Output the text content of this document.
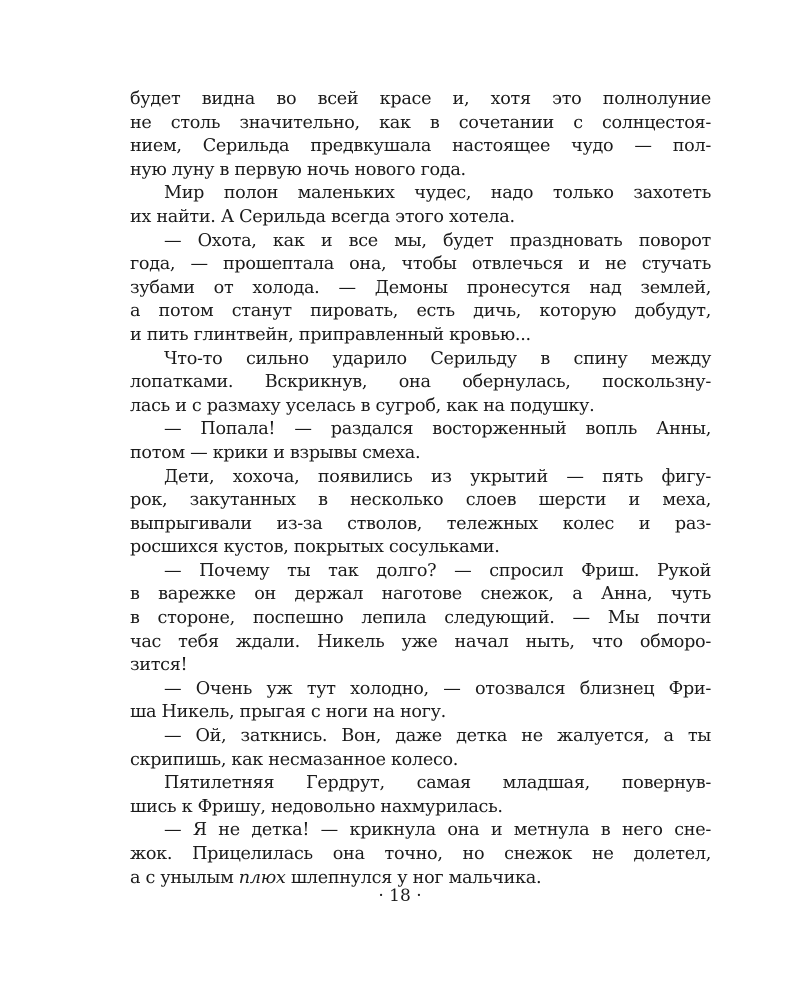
будет видна во всей красе и, хотя это полнолуние
не столь значительно, как в сочетании с солнцестоя-
нием, Серильда предвкушала настоящее чудо — пол-
ную луну в первую ночь нового года.
Мир полон маленьких чудес, надо только захотеть
их найти. А Серильда всегда этого хотела.
— Охота, как и все мы, будет праздновать поворот
года, — прошептала она, чтобы отвлечься и не стучать
зубами от холода. — Демоны пронесутся над землей,
а потом станут пировать, есть дичь, которую добудут,
и пить глинтвейн, приправленный кровью...
Что-то сильно ударило Серильду в спину между
лопатками. Вскрикнув, она обернулась, поскользну-
лась и с размаху уселась в сугроб, как на подушку.
— Попала! — раздался восторженный вопль Анны,
потом — крики и взрывы смеха.
Дети, хохоча, появились из укрытий — пять фигу-
рок, закутанных в несколько слоев шерсти и меха,
выпрыгивали из-за стволов, тележных колес и раз-
росшихся кустов, покрытых сосульками.
— Почему ты так долго? — спросил Фриш. Рукой
в варежке он держал наготове снежок, а Анна, чуть
в стороне, поспешно лепила следующий. — Мы почти
час тебя ждали. Никель уже начал ныть, что обморо-
зится!
— Очень уж тут холодно, — отозвался близнец Фри-
ша Никель, прыгая с ноги на ногу.
— Ой, заткнись. Вон, даже детка не жалуется, а ты
скрипишь, как несмазанное колесо.
Пятилетняя Гердрут, самая младшая, повернув-
шись к Фришу, недовольно нахмурилась.
— Я не детка! — крикнула она и метнула в него сне-
жок. Прицелилась она точно, но снежок не долетел,
а с унылым плюх шлепнулся у ног мальчика.
· 18 ·
